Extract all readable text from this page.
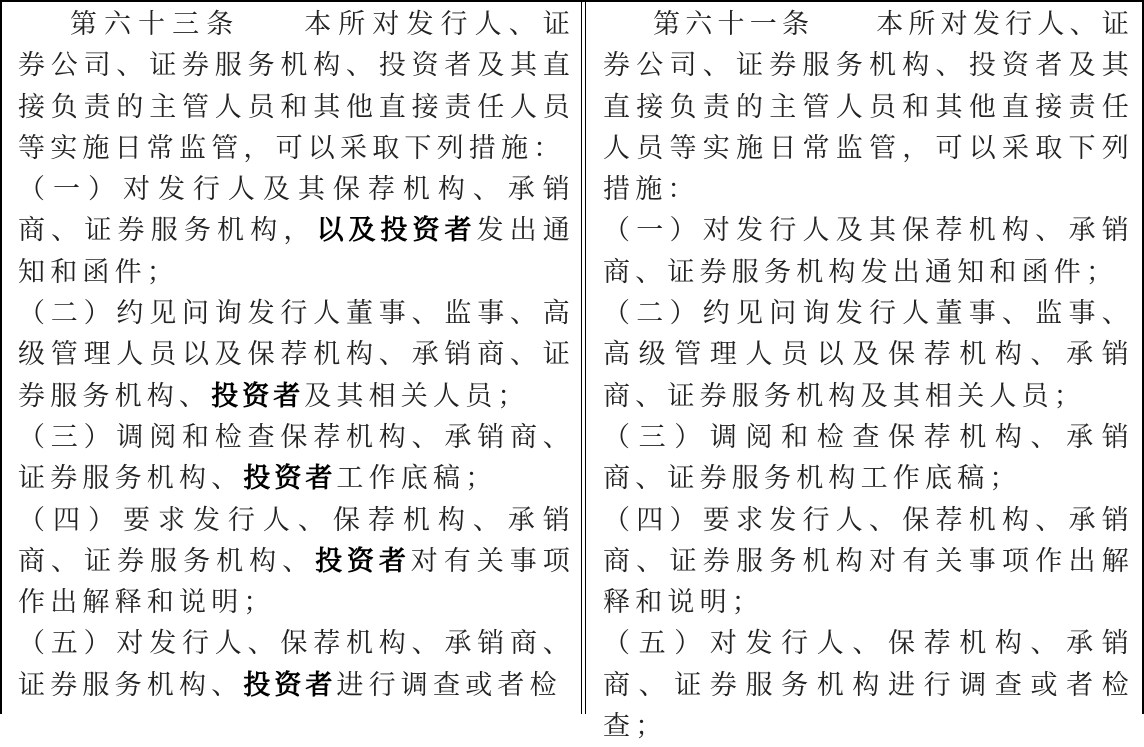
第六十三条 本所对发行人、证券公司、证券服务机构、投资者及其直接负责的主管人员和其他直接责任人员等实施日常监管，可以采取下列措施：

（一）对发行人及其保荐机构、承销商、证券服务机构，以及投资者发出通知和函件；

（二）约见问询发行人董事、监事、高级管理人员以及保荐机构、承销商、证券服务机构、投资者及其相关人员；

（三）调阅和检查保荐机构、承销商、证券服务机构、投资者工作底稿；

（四）要求发行人、保荐机构、承销商、证券服务机构、投资者对有关事项作出解释和说明；

（五）对发行人、保荐机构、承销商、证券服务机构、投资者进行调查或者检

第六十一条 本所对发行人、证券公司、证券服务机构、投资者及其直接负责的主管人员和其他直接责任人员等实施日常监管，可以采取下列措施：

（一）对发行人及其保荐机构、承销商、证券服务机构发出通知和函件；

（二）约见问询发行人董事、监事、高级管理人员以及保荐机构、承销商、证券服务机构及其相关人员；

（三）调阅和检查保荐机构、承销商、证券服务机构工作底稿；

（四）要求发行人、保荐机构、承销商、证券服务机构对有关事项作出解释和说明；

（五）对发行人、保荐机构、承销商、证券服务机构进行调查或者检查；
